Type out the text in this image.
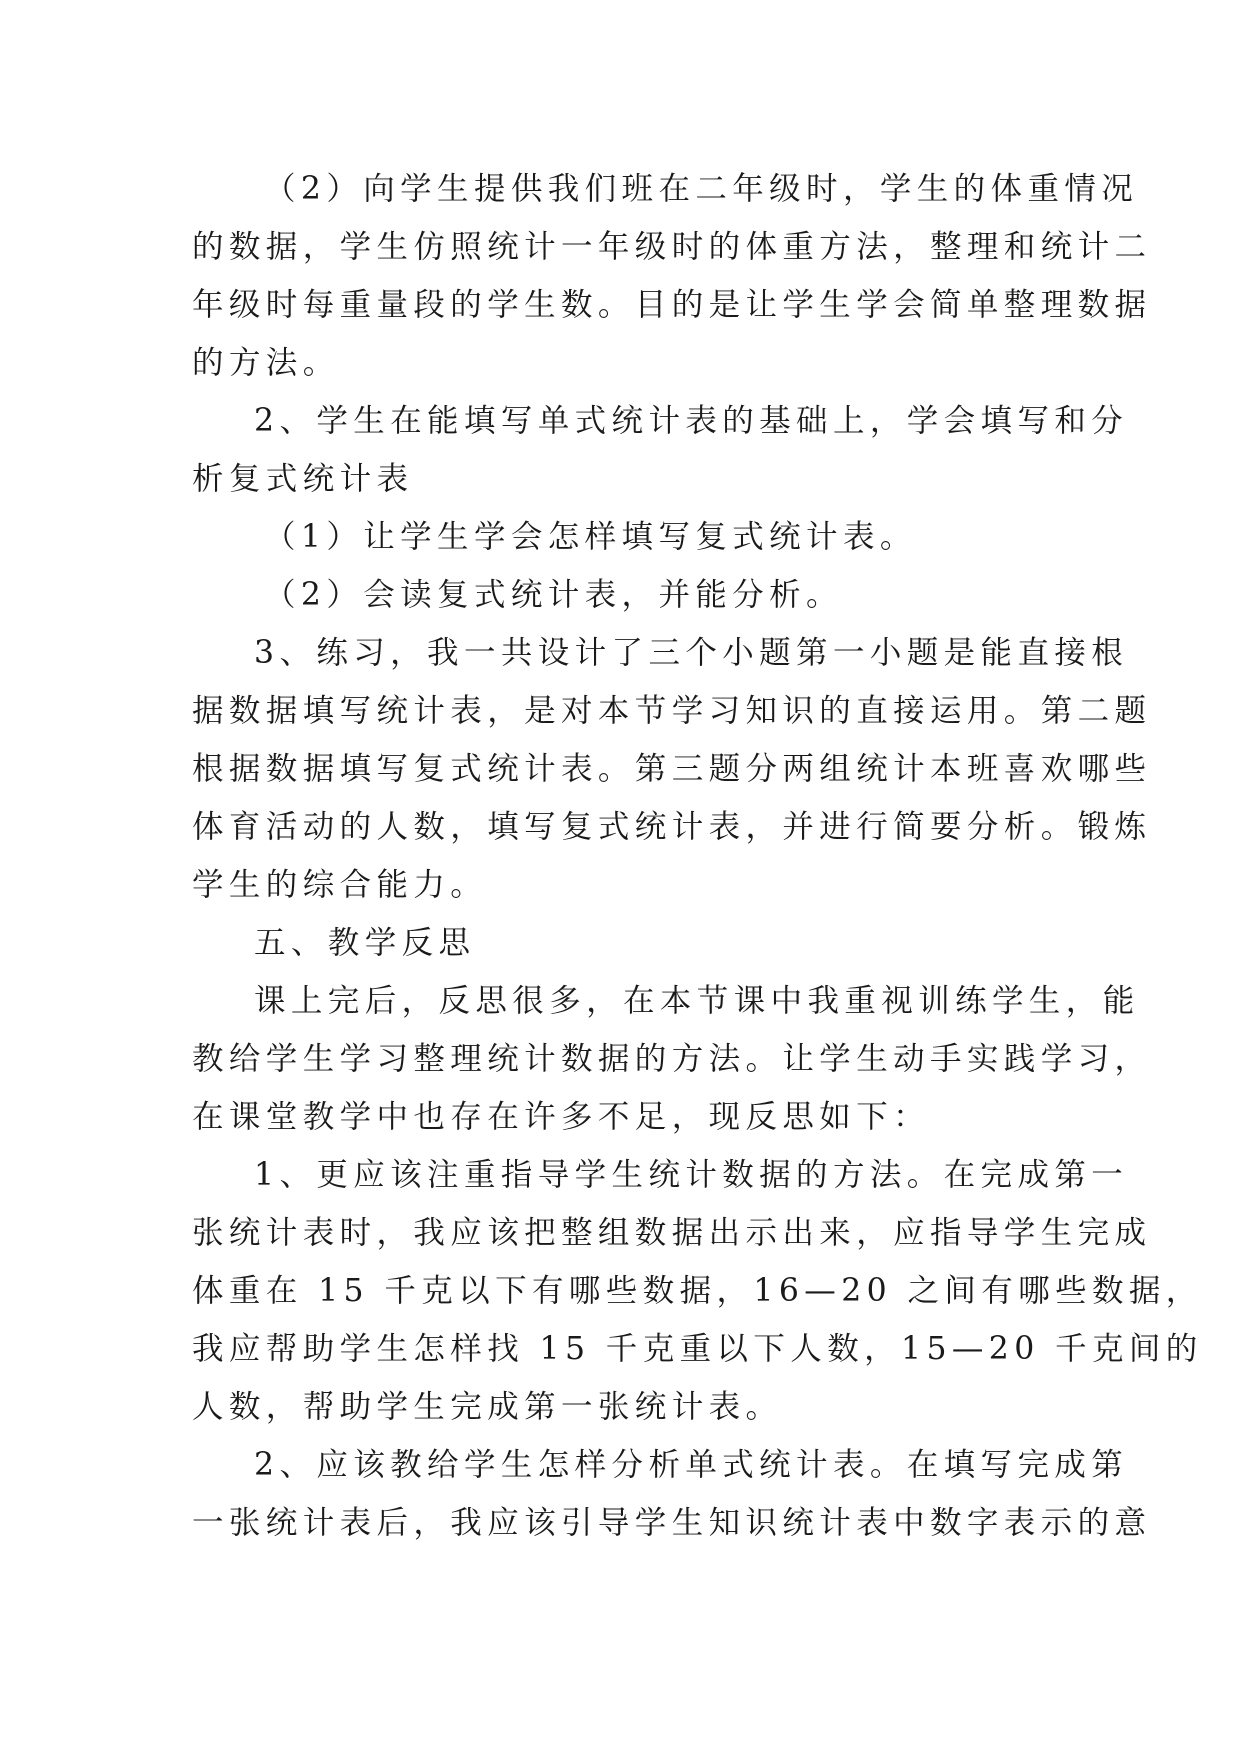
（2）向学生提供我们班在二年级时，学生的体重情况
的数据，学生仿照统计一年级时的体重方法，整理和统计二
年级时每重量段的学生数。目的是让学生学会简单整理数据
的方法。
2、学生在能填写单式统计表的基础上，学会填写和分
析复式统计表
（1）让学生学会怎样填写复式统计表。
（2）会读复式统计表，并能分析。
3、练习，我一共设计了三个小题第一小题是能直接根
据数据填写统计表，是对本节学习知识的直接运用。第二题
根据数据填写复式统计表。第三题分两组统计本班喜欢哪些
体育活动的人数，填写复式统计表，并进行简要分析。锻炼
学生的综合能力。
五、教学反思
课上完后，反思很多，在本节课中我重视训练学生，能
教给学生学习整理统计数据的方法。让学生动手实践学习，
在课堂教学中也存在许多不足，现反思如下：
1、更应该注重指导学生统计数据的方法。在完成第一
张统计表时，我应该把整组数据出示出来，应指导学生完成
体重在 15 千克以下有哪些数据，16—20 之间有哪些数据，
我应帮助学生怎样找 15 千克重以下人数，15—20 千克间的
人数，帮助学生完成第一张统计表。
2、应该教给学生怎样分析单式统计表。在填写完成第
一张统计表后，我应该引导学生知识统计表中数字表示的意
